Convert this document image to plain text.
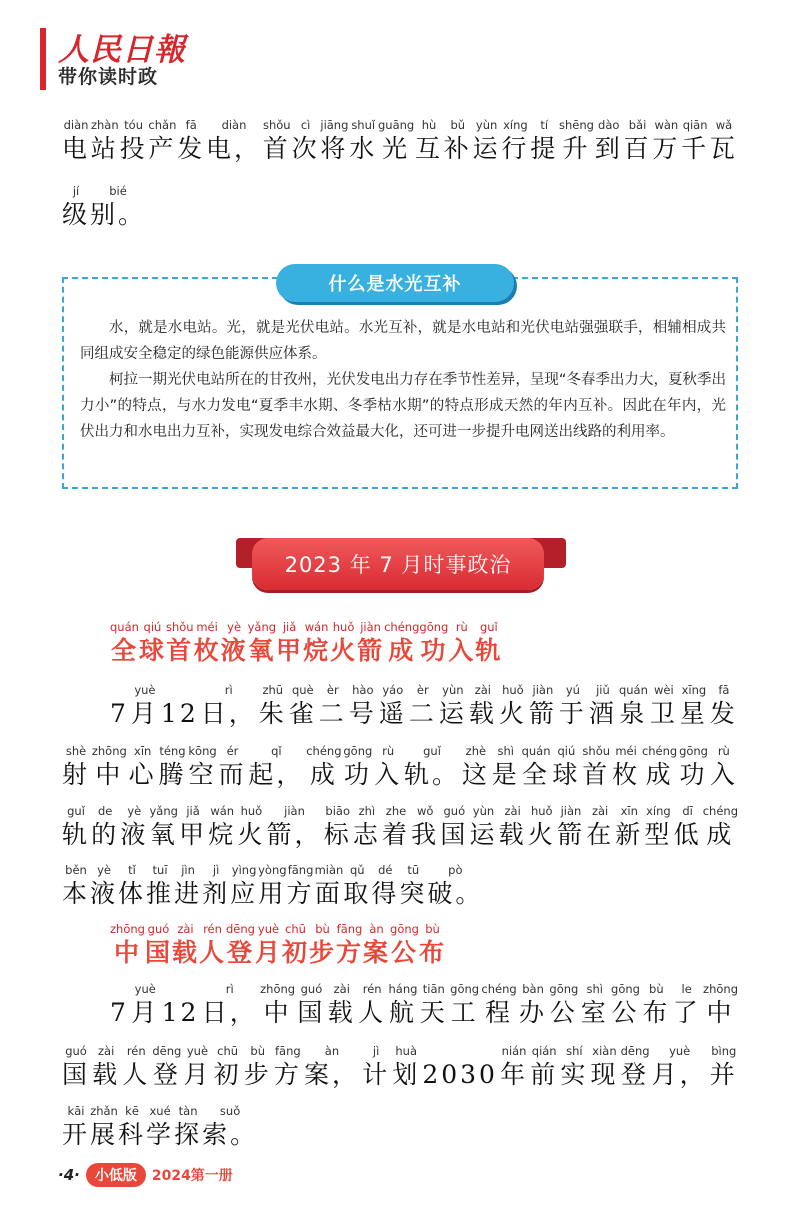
人民日報
带你读时政
diàn
电
zhàn
站
tóu
投
chǎn
产
fā
发
diàn
电，
shǒu
首
cì
次
jiāng
将
shuǐ
水
guāng
光
hù
互
bǔ
补
yùn
运
xíng
行
tí
提
shēng
升
dào
到
bǎi
百
wàn
万
qiān
千
wǎ
瓦
jí
级
bié
别。
什么是水光互补

水，就是水电站。光，就是光伏电站。水光互补，就是水电站和光伏电站强强联手，相辅相成共同组成安全稳定的绿色能源供应体系。

柯拉一期光伏电站所在的甘孜州，光伏发电出力存在季节性差异，呈现“冬春季出力大，夏秋季出力小”的特点，与水力发电“夏季丰水期、冬季枯水期”的特点形成天然的年内互补。因此在年内，光伏出力和水电出力互补，实现发电综合效益最大化，还可进一步提升电网送出线路的利用率。

2023 年 7 月时事政治
quán
全
qiú
球
shǒu
首
méi
枚
yè
液
yǎng
氧
jiǎ
甲
wán
烷
huǒ
火
jiàn
箭
chéng
成
gōng
功
rù
入
guǐ
轨
7
yuè
月 12
rì
日，
zhū
朱
què
雀
èr
二
hào
号
yáo
遥
èr
二
yùn
运
zài
载
huǒ
火
jiàn
箭
yú
于
jiǔ
酒
quán
泉
wèi
卫
xīng
星
fā
发
shè
射
zhōng
中
xīn
心
téng
腾
kōng
空
ér
而
qǐ
起，
chéng
成
gōng
功
rù
入
guǐ
轨。
zhè
这
shì
是
quán
全
qiú
球
shǒu
首
méi
枚
chéng
成
gōng
功
rù
入
guǐ
轨
de
的
yè
液
yǎng
氧
jiǎ
甲
wán
烷
huǒ
火
jiàn
箭，
biāo
标
zhì
志
zhe
着
wǒ
我
guó
国
yùn
运
zài
载
huǒ
火
jiàn
箭
zài
在
xīn
新
xíng
型
dī
低
chéng
成
běn
本
yè
液
tǐ
体
tuī
推
jìn
进
jì
剂
yìng
应
yòng
用
fāng
方
miàn
面
qǔ
取
dé
得
tū
突
pò
破。
zhōng
中
guó
国
zài
载
rén
人
dēng
登
yuè
月
chū
初
bù
步
fāng
方
àn
案
gōng
公
bù
布
7
yuè
月 12
rì
日，
zhōng
中
guó
国
zài
载
rén
人
háng
航
tiān
天
gōng
工
chéng
程
bàn
办
gōng
公
shì
室
gōng
公
bù
布
le
了
zhōng
中
guó
国
zài
载
rén
人
dēng
登
yuè
月
chū
初
bù
步
fāng
方
àn
案，
jì
计
huà
划 2030
nián
年
qián
前
shí
实
xiàn
现
dēng
登
yuè
月，
bìng
并
kāi
开
zhǎn
展
kē
科
xué
学
tàn
探
suǒ
索。
·4·	小低版	2024第一册
